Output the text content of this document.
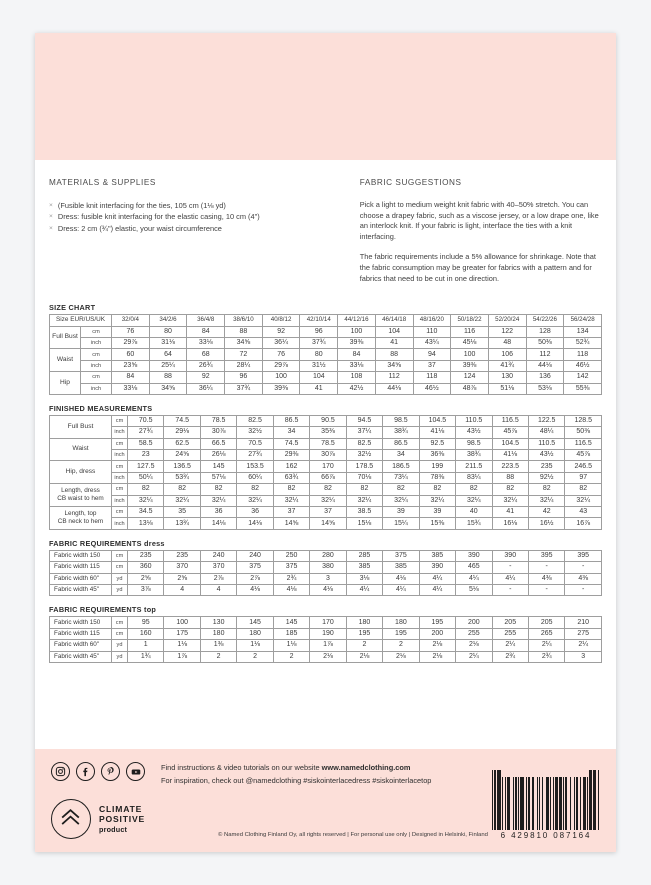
MATERIALS & SUPPLIES
× (Fusible knit interfacing for the ties, 105 cm (1⅛ yd)
× Dress: fusible knit interfacing for the elastic casing, 10 cm (4")
× Dress: 2 cm (¾") elastic, your waist circumference
FABRIC SUGGESTIONS
Pick a light to medium weight knit fabric with 40–50% stretch. You can choose a drapey fabric, such as a viscose jersey, or a low drape one, like an interlock knit. If your fabric is light, interface the ties with a knit interfacing.
The fabric requirements include a 5% allowance for shrinkage. Note that the fabric consumption may be greater for fabrics with a pattern and for fabrics that need to be cut in one direction.
SIZE CHART
Size EUR/US/UK		32/0/4	34/2/6	36/4/8	38/6/10	40/8/12	42/10/14	44/12/16	46/14/18	48/16/20	50/18/22	52/20/24	54/22/26	56/24/28
Full Bust	cm	76	80	84	88	92	96	100	104	110	116	122	128	134
	inch	29⅞	31⅛	33⅛	34⅝	36¼	37¾	39⅜	41	43¼	45⅛	48	50⅜	52¾
Waist	cm	60	64	68	72	76	80	84	88	94	100	106	112	118
	inch	23⅝	25¼	26¾	28¼	29⅞	31½	33⅛	34⅝	37	39⅜	41¾	44⅛	46½
Hip	cm	84	88	92	96	100	104	108	112	118	124	130	136	142
	inch	33⅛	34⅝	36¼	37¾	39⅜	41	42½	44⅛	46½	48⅞	51⅛	53⅛	55⅜
FINISHED MEASUREMENTS
Full Bust	cm	70.5	74.5	78.5	82.5	86.5	90.5	94.5	98.5	104.5	110.5	116.5	122.5	128.5
	inch	27¾	29⅛	30⅞	32½	34	35⅜	37¼	38¾	41⅛	43½	45⅞	48¼	50⅜

Waist	cm	58.5	62.5	66.5	70.5	74.5	78.5	82.5	86.5	92.5	98.5	104.5	110.5	116.5
	inch	23	24⅝	26⅛	27¾	29⅜	30⅞	32½	34	36⅜	38¾	41⅛	43½	45⅞

Hip, dress	cm	127.5	136.5	145	153.5	162	170	178.5	186.5	199	211.5	223.5	235	246.5
	inch	50¼	53¾	57⅛	60¼	63¾	66⅞	70⅛	73¼	78⅜	83¼	88	92½	97

Length, dress
CB waist to hem	cm	82	82	82	82	82	82	82	82	82	82	82	82	82
	inch	32¼	32¼	32¼	32¼	32¼	32¼	32¼	32¼	32¼	32¼	32¼	32¼	32¼

Length, top
CB neck to hem	cm	34.5	35	36	36	37	37	38.5	39	39	40	41	42	43
	inch	13⅛	13¾	14⅛	14⅛	14⅝	14⅝	15⅛	15¼	15⅜	15¾	16⅛	16½	16⅞
FABRIC REQUIREMENTS dress
Fabric width 150	cm	235	235	240	240	250	280	285	375	385	390	390	395	395
Fabric width 115	cm	360	370	370	375	375	380	385	385	390	465	-	-	-
Fabric width 60"	yd	2⅝	2⅝	2⅞	2⅞	2¾	3	3⅛	4⅛	4¼	4¼	4¼	4⅜	4⅜
Fabric width 45"	yd	3⅞	4	4	4⅛	4⅛	4⅛	4¼	4¼	4¼	5⅛	-	-	-
FABRIC REQUIREMENTS top
Fabric width 150	cm	95	100	130	145	145	170	180	180	195	200	205	205	210
Fabric width 115	cm	160	175	180	180	185	190	195	195	200	255	255	265	275
Fabric width 60"	yd	1	1⅛	1⅜	1⅛	1⅛	1⅞	2	2	2⅛	2⅛	2¼	2¼	2¼
Fabric width 45"	yd	1¾	1⅞	2	2	2	2⅛	2⅛	2⅛	2⅛	2¼	2¾	2¾	3
Find instructions & video tutorials on our website www.namedclothing.com
For inspiration, check out @namedclothing #siskointerlacedress #siskointerlacetop
CLIMATE
POSITIVE
product
© Named Clothing Finland Oy, all rights reserved | For personal use only | Designed in Helsinki, Finland	6 429810 087164
